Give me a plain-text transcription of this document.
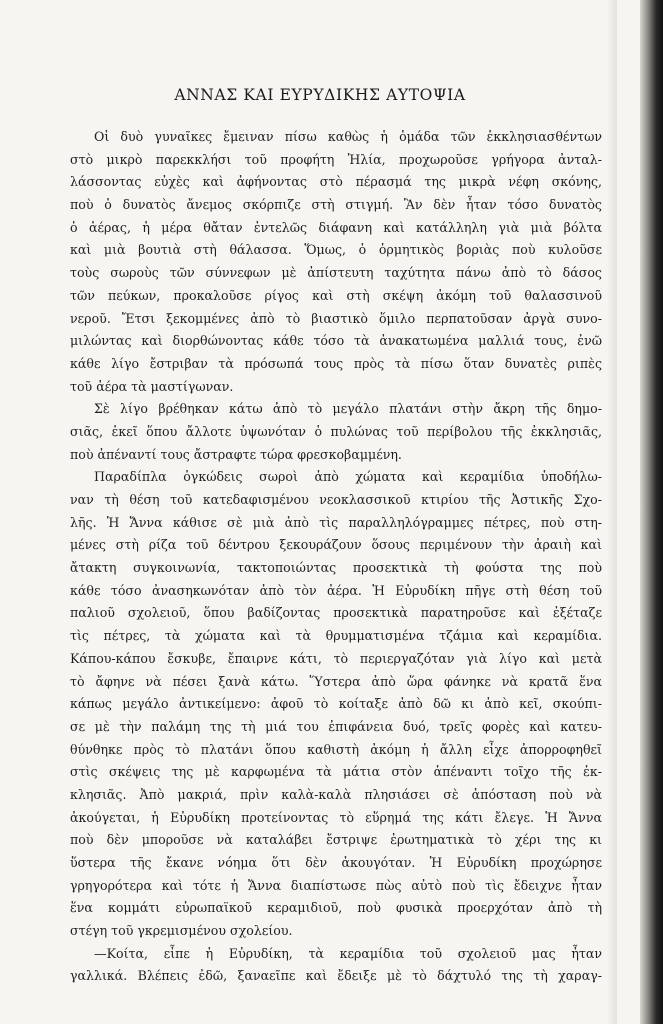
ΑΝΝΑΣ ΚΑΙ ΕΥΡΥΔΙΚΗΣ ΑΥΤΟΨΙΑ
Οἱ δυὸ γυναῖκες ἔμειναν πίσω καθὼς ἡ ὁμάδα τῶν ἐκκλησιασθέντων
στὸ μικρὸ παρεκκλήσι τοῦ προφήτη Ἠλία, προχωροῦσε γρήγορα ἀνταλ-
λάσσοντας εὐχὲς καὶ ἀφήνοντας στὸ πέρασμά της μικρὰ νέφη σκόνης,
ποὺ ὁ δυνατὸς ἄνεμος σκόρπιζε στὴ στιγμή. Ἂν δὲν ἦταν τόσο δυνατὸς
ὁ ἀέρας, ἡ μέρα θἄταν ἐντελῶς διάφανη καὶ κατάλληλη γιὰ μιὰ βόλτα
καὶ μιὰ βουτιὰ στὴ θάλασσα. Ὅμως, ὁ ὁρμητικὸς βοριὰς ποὺ κυλοῦσε
τοὺς σωροὺς τῶν σύννεφων μὲ ἀπίστευτη ταχύτητα πάνω ἀπὸ τὸ δάσος
τῶν πεύκων, προκαλοῦσε ρίγος καὶ στὴ σκέψη ἀκόμη τοῦ θαλασσινοῦ
νεροῦ. Ἔτσι ξεκομμένες ἀπὸ τὸ βιαστικὸ ὅμιλο περπατοῦσαν ἀργὰ συνο-
μιλώντας καὶ διορθώνοντας κάθε τόσο τὰ ἀνακατωμένα μαλλιά τους, ἐνῶ
κάθε λίγο ἔστριβαν τὰ πρόσωπά τους πρὸς τὰ πίσω ὅταν δυνατὲς ριπὲς
τοῦ ἀέρα τὰ μαστίγωναν.
Σὲ λίγο βρέθηκαν κάτω ἀπὸ τὸ μεγάλο πλατάνι στὴν ἄκρη τῆς δημο-
σιᾶς, ἐκεῖ ὅπου ἄλλοτε ὑψωνόταν ὁ πυλώνας τοῦ περίβολου τῆς ἐκκλησιᾶς,
ποὺ ἀπέναντί τους ἄστραφτε τώρα φρεσκοβαμμένη.
Παραδίπλα ὀγκώδεις σωροὶ ἀπὸ χώματα καὶ κεραμίδια ὑποδήλω-
ναν τὴ θέση τοῦ κατεδαφισμένου νεοκλασσικοῦ κτιρίου τῆς Ἀστικῆς Σχο-
λῆς. Ἡ Ἄννα κάθισε σὲ μιὰ ἀπὸ τὶς παραλληλόγραμμες πέτρες, ποὺ στη-
μένες στὴ ρίζα τοῦ δέντρου ξεκουράζουν ὅσους περιμένουν τὴν ἀραιὴ καὶ
ἄτακτη συγκοινωνία, τακτοποιώντας προσεκτικὰ τὴ φούστα της ποὺ
κάθε τόσο ἀνασηκωνόταν ἀπὸ τὸν ἀέρα. Ἡ Εὐρυδίκη πῆγε στὴ θέση τοῦ
παλιοῦ σχολειοῦ, ὅπου βαδίζοντας προσεκτικὰ παρατηροῦσε καὶ ἐξέταζε
τὶς πέτρες, τὰ χώματα καὶ τὰ θρυμματισμένα τζάμια καὶ κεραμίδια.
Κάπου-κάπου ἔσκυβε, ἔπαιρνε κάτι, τὸ περιεργαζόταν γιὰ λίγο καὶ μετὰ
τὸ ἄφηνε νὰ πέσει ξανὰ κάτω. Ὕστερα ἀπὸ ὥρα φάνηκε νὰ κρατᾶ ἕνα
κάπως μεγάλο ἀντικείμενο: ἀφοῦ τὸ κοίταξε ἀπὸ δῶ κι ἀπὸ κεῖ, σκούπι-
σε μὲ τὴν παλάμη της τὴ μιά του ἐπιφάνεια δυό, τρεῖς φορὲς καὶ κατευ-
θύνθηκε πρὸς τὸ πλατάνι ὅπου καθιστὴ ἀκόμη ἡ ἄλλη εἶχε ἀπορροφηθεῖ
στὶς σκέψεις της μὲ καρφωμένα τὰ μάτια στὸν ἀπέναντι τοῖχο τῆς ἐκ-
κλησιᾶς. Ἀπὸ μακριά, πρὶν καλὰ-καλὰ πλησιάσει σὲ ἀπόσταση ποὺ νὰ
ἀκούγεται, ἡ Εὐρυδίκη προτείνοντας τὸ εὕρημά της κάτι ἔλεγε. Ἡ Ἄννα
ποὺ δὲν μποροῦσε νὰ καταλάβει ἔστριψε ἐρωτηματικὰ τὸ χέρι της κι
ὕστερα τῆς ἔκανε νόημα ὅτι δὲν ἀκουγόταν. Ἡ Εὐρυδίκη προχώρησε
γρηγορότερα καὶ τότε ἡ Ἄννα διαπίστωσε πὼς αὐτὸ ποὺ τὶς ἔδειχνε ἦταν
ἕνα κομμάτι εὐρωπαϊκοῦ κεραμιδιοῦ, ποὺ φυσικὰ προερχόταν ἀπὸ τὴ
στέγη τοῦ γκρεμισμένου σχολείου.
—Κοίτα, εἶπε ἡ Εὐρυδίκη, τὰ κεραμίδια τοῦ σχολειοῦ μας ἦταν
γαλλικά. Βλέπεις ἐδῶ, ξαναεῖπε καὶ ἔδειξε μὲ τὸ δάχτυλό της τὴ χαραγ-
